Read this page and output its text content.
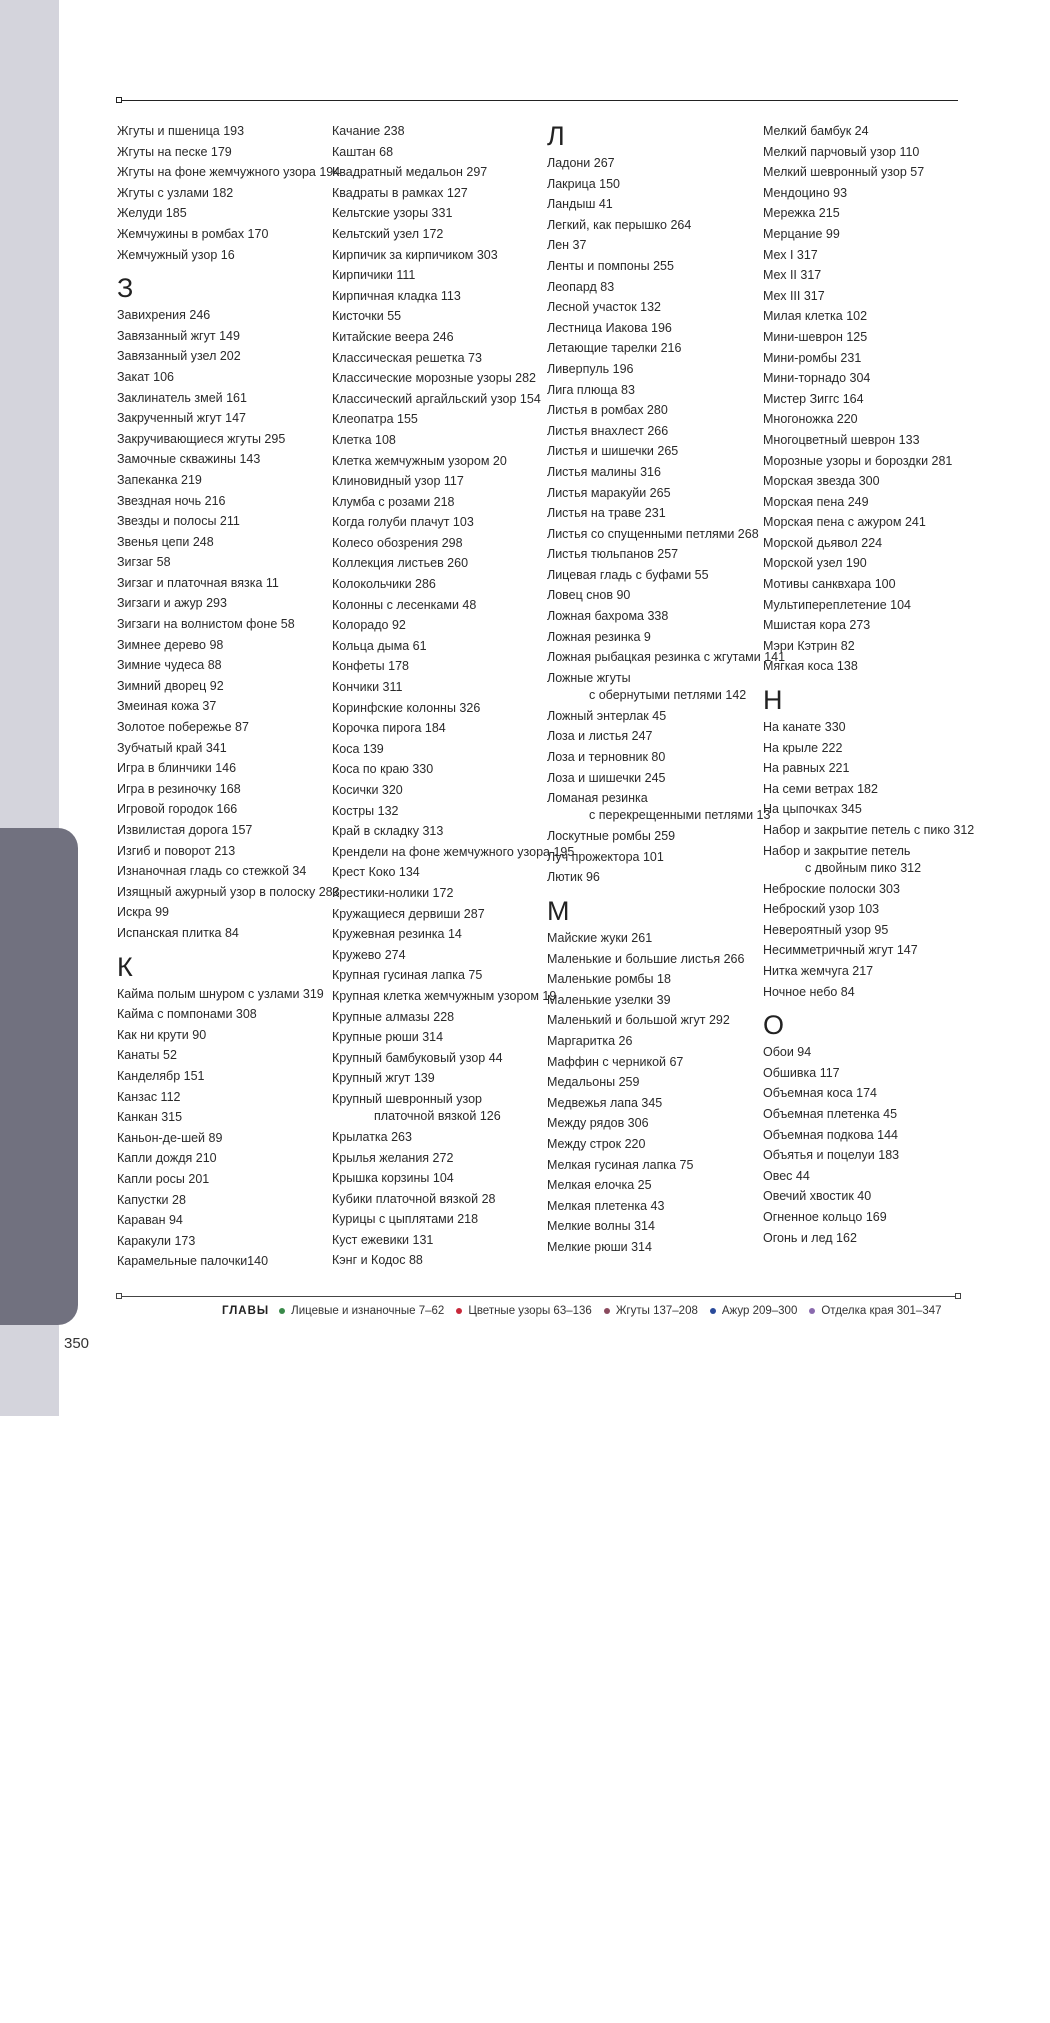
АЛФАВИТНЫЙ УКАЗАТЕЛЬ
350
Жгуты и пшеница 193
Жгуты на песке 179
Жгуты на фоне жемчужного узора 194
Жгуты с узлами 182
Желуди 185
Жемчужины в ромбах 170
Жемчужный узор 16
З
Завихрения 246
Завязанный жгут 149
Завязанный узел 202
Закат 106
Заклинатель змей 161
Закрученный жгут 147
Закручивающиеся жгуты 295
Замочные скважины 143
Запеканка 219
Звездная ночь 216
Звезды и полосы 211
Звенья цепи 248
Зигзаг 58
Зигзаг и платочная вязка 11
Зигзаги и ажур 293
Зигзаги на волнистом фоне 58
Зимнее дерево 98
Зимние чудеса 88
Зимний дворец 92
Змеиная кожа 37
Золотое побережье 87
Зубчатый край 341
Игра в блинчики 146
Игра в резиночку 168
Игровой городок 166
Извилистая дорога 157
Изгиб и поворот 213
Изнаночная гладь со стежкой 34
Изящный ажурный узор в полоску 283
Искра 99
Испанская плитка 84
К
Кайма полым шнуром с узлами 319
Кайма с помпонами 308
Как ни крути 90
Канаты 52
Канделябр 151
Канзас 112
Канкан 315
Каньон-де-шей 89
Капли дождя 210
Капли росы 201
Капустки 28
Караван 94
Каракули 173
Карамельные палочки140
Качание 238
Каштан 68
Квадратный медальон 297
Квадраты в рамках 127
Кельтские узоры 331
Кельтский узел 172
Кирпичик за кирпичиком 303
Кирпичики 111
Кирпичная кладка 113
Кисточки 55
Китайские веера 246
Классическая решетка 73
Классические морозные узоры 282
Классический аргайльский узор 154
Клеопатра 155
Клетка 108
Клетка жемчужным узором 20
Клиновидный узор 117
Клумба с розами 218
Когда голуби плачут 103
Колесо обозрения 298
Коллекция листьев 260
Колокольчики 286
Колонны с лесенками 48
Колорадо 92
Кольца дыма 61
Конфеты 178
Кончики 311
Коринфские колонны 326
Корочка пирога 184
Коса 139
Коса по краю 330
Косички 320
Костры 132
Край в складку 313
Крендели на фоне жемчужного узора 195
Крест Коко 134
Крестики-нолики 172
Кружащиеся дервиши 287
Кружевная резинка 14
Кружево 274
Крупная гусиная лапка 75
Крупная клетка жемчужным узором 19
Крупные алмазы 228
Крупные рюши 314
Крупный бамбуковый узор 44
Крупный жгут 139
Крупный шевронный узор
платочной вязкой 126
Крылатка 263
Крылья желания 272
Крышка корзины 104
Кубики платочной вязкой 28
Курицы с цыплятами 218
Куст ежевики 131
Кэнг и Кодос 88
Л
Ладони 267
Лакрица 150
Ландыш 41
Легкий, как перышко 264
Лен 37
Ленты и помпоны 255
Леопард 83
Лесной участок 132
Лестница Иакова 196
Летающие тарелки 216
Ливерпуль 196
Лига плюща 83
Листья в ромбах 280
Листья внахлест 266
Листья и шишечки 265
Листья малины 316
Листья маракуйи 265
Листья на траве 231
Листья со спущенными петлями 268
Листья тюльпанов 257
Лицевая гладь с буфами 55
Ловец снов 90
Ложная бахрома 338
Ложная резинка 9
Ложная рыбацкая резинка с жгутами 141
Ложные жгуты
с обернутыми петлями 142
Ложный энтерлак 45
Лоза и листья 247
Лоза и терновник 80
Лоза и шишечки 245
Ломаная резинка
с перекрещенными петлями 13
Лоскутные ромбы 259
Луч прожектора 101
Лютик 96
М
Майские жуки 261
Маленькие и большие листья 266
Маленькие ромбы 18
Маленькие узелки 39
Маленький и большой жгут 292
Маргаритка 26
Маффин с черникой 67
Медальоны 259
Медвежья лапа 345
Между рядов 306
Между строк 220
Мелкая гусиная лапка 75
Мелкая елочка 25
Мелкая плетенка 43
Мелкие волны 314
Мелкие рюши 314
Мелкий бамбук 24
Мелкий парчовый узор 110
Мелкий шевронный узор 57
Мендоцино 93
Мережка 215
Мерцание 99
Мех I 317
Мех II 317
Мех III 317
Милая клетка 102
Мини-шеврон 125
Мини-ромбы 231
Мини-торнадо 304
Мистер Зиггс 164
Многоножка 220
Многоцветный шеврон 133
Морозные узоры и бороздки 281
Морская звезда 300
Морская пена 249
Морская пена с ажуром 241
Морской дьявол 224
Морской узел 190
Мотивы санквхара 100
Мультипереплетение 104
Мшистая кора 273
Мэри Кэтрин 82
Мягкая коса 138
Н
На канате 330
На крыле 222
На равных 221
На семи ветрах 182
На цыпочках 345
Набор и закрытие петель с пико 312
Набор и закрытие петель
с двойным пико 312
Неброские полоски 303
Неброский узор 103
Невероятный узор 95
Несимметричный жгут 147
Нитка жемчуга 217
Ночное небо 84
О
Обои 94
Обшивка 117
Объемная коса 174
Объемная плетенка 45
Объемная подкова 144
Объятья и поцелуи 183
Овес 44
Овечий хвостик 40
Огненное кольцо 169
Огонь и лед 162
ГЛАВЫ Лицевые и изнаночные 7–62 Цветные узоры 63–136 Жгуты 137–208 Ажур 209–300 Отделка края 301–347
